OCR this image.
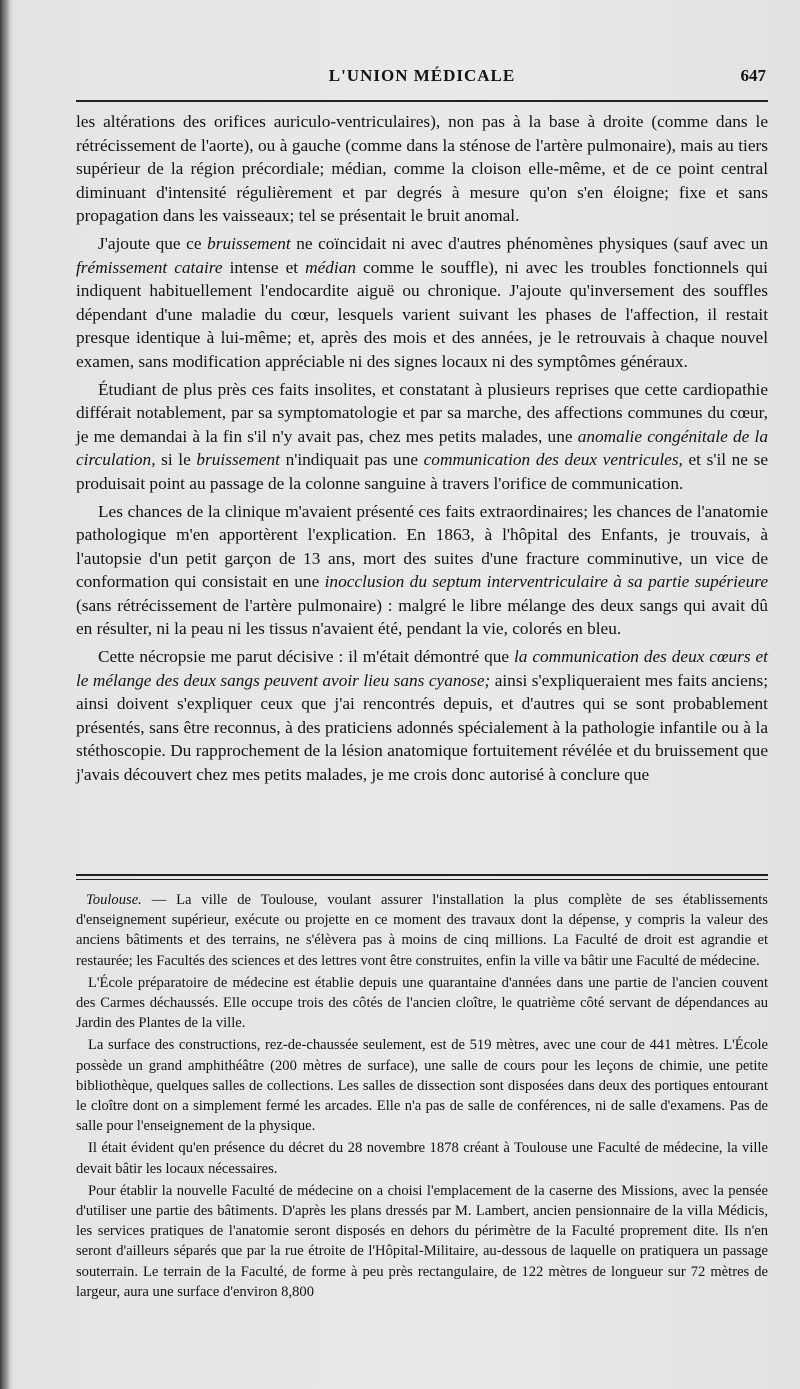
L'UNION MÉDICALE	647

les altérations des orifices auriculo-ventriculaires), non pas à la base à droite (comme dans le rétrécissement de l'aorte), ou à gauche (comme dans la sténose de l'artère pulmonaire), mais au tiers supérieur de la région précordiale; médian, comme la cloison elle-même, et de ce point central diminuant d'intensité régulièrement et par degrés à mesure qu'on s'en éloigne; fixe et sans propagation dans les vaisseaux; tel se présentait le bruit anomal.

J'ajoute que ce bruissement ne coïncidait ni avec d'autres phénomènes physiques (sauf avec un frémissement cataire intense et médian comme le souffle), ni avec les troubles fonctionnels qui indiquent habituellement l'endocardite aiguë ou chronique. J'ajoute qu'inversement des souffles dépendant d'une maladie du cœur, lesquels varient suivant les phases de l'affection, il restait presque identique à lui-même; et, après des mois et des années, je le retrouvais à chaque nouvel examen, sans modification appréciable ni des signes locaux ni des symptômes généraux.

Étudiant de plus près ces faits insolites, et constatant à plusieurs reprises que cette cardiopathie différait notablement, par sa symptomatologie et par sa marche, des affections communes du cœur, je me demandai à la fin s'il n'y avait pas, chez mes petits malades, une anomalie congénitale de la circulation, si le bruissement n'indiquait pas une communication des deux ventricules, et s'il ne se produisait point au passage de la colonne sanguine à travers l'orifice de communication.

Les chances de la clinique m'avaient présenté ces faits extraordinaires; les chances de l'anatomie pathologique m'en apportèrent l'explication. En 1863, à l'hôpital des Enfants, je trouvais, à l'autopsie d'un petit garçon de 13 ans, mort des suites d'une fracture comminutive, un vice de conformation qui consistait en une inocclusion du septum interventriculaire à sa partie supérieure (sans rétrécissement de l'artère pulmonaire) : malgré le libre mélange des deux sangs qui avait dû en résulter, ni la peau ni les tissus n'avaient été, pendant la vie, colorés en bleu.

Cette nécropsie me parut décisive : il m'était démontré que la communication des deux cœurs et le mélange des deux sangs peuvent avoir lieu sans cyanose; ainsi s'expliqueraient mes faits anciens; ainsi doivent s'expliquer ceux que j'ai rencontrés depuis, et d'autres qui se sont probablement présentés, sans être reconnus, à des praticiens adonnés spécialement à la pathologie infantile ou à la stéthoscopie. Du rapprochement de la lésion anatomique fortuitement révélée et du bruissement que j'avais découvert chez mes petits malades, je me crois donc autorisé à conclure que

Toulouse. — La ville de Toulouse, voulant assurer l'installation la plus complète de ses établissements d'enseignement supérieur, exécute ou projette en ce moment des travaux dont la dépense, y compris la valeur des anciens bâtiments et des terrains, ne s'élèvera pas à moins de cinq millions. La Faculté de droit est agrandie et restaurée; les Facultés des sciences et des lettres vont être construites, enfin la ville va bâtir une Faculté de médecine.

L'École préparatoire de médecine est établie depuis une quarantaine d'années dans une partie de l'ancien couvent des Carmes déchaussés. Elle occupe trois des côtés de l'ancien cloître, le quatrième côté servant de dépendances au Jardin des Plantes de la ville.

La surface des constructions, rez-de-chaussée seulement, est de 519 mètres, avec une cour de 441 mètres. L'École possède un grand amphithéâtre (200 mètres de surface), une salle de cours pour les leçons de chimie, une petite bibliothèque, quelques salles de collections. Les salles de dissection sont disposées dans deux des portiques entourant le cloître dont on a simplement fermé les arcades. Elle n'a pas de salle de conférences, ni de salle d'examens. Pas de salle pour l'enseignement de la physique.

Il était évident qu'en présence du décret du 28 novembre 1878 créant à Toulouse une Faculté de médecine, la ville devait bâtir les locaux nécessaires.

Pour établir la nouvelle Faculté de médecine on a choisi l'emplacement de la caserne des Missions, avec la pensée d'utiliser une partie des bâtiments. D'après les plans dressés par M. Lambert, ancien pensionnaire de la villa Médicis, les services pratiques de l'anatomie seront disposés en dehors du périmètre de la Faculté proprement dite. Ils n'en seront d'ailleurs séparés que par la rue étroite de l'Hôpital-Militaire, au-dessous de laquelle on pratiquera un passage souterrain. Le terrain de la Faculté, de forme à peu près rectangulaire, de 122 mètres de longueur sur 72 mètres de largeur, aura une surface d'environ 8,800
